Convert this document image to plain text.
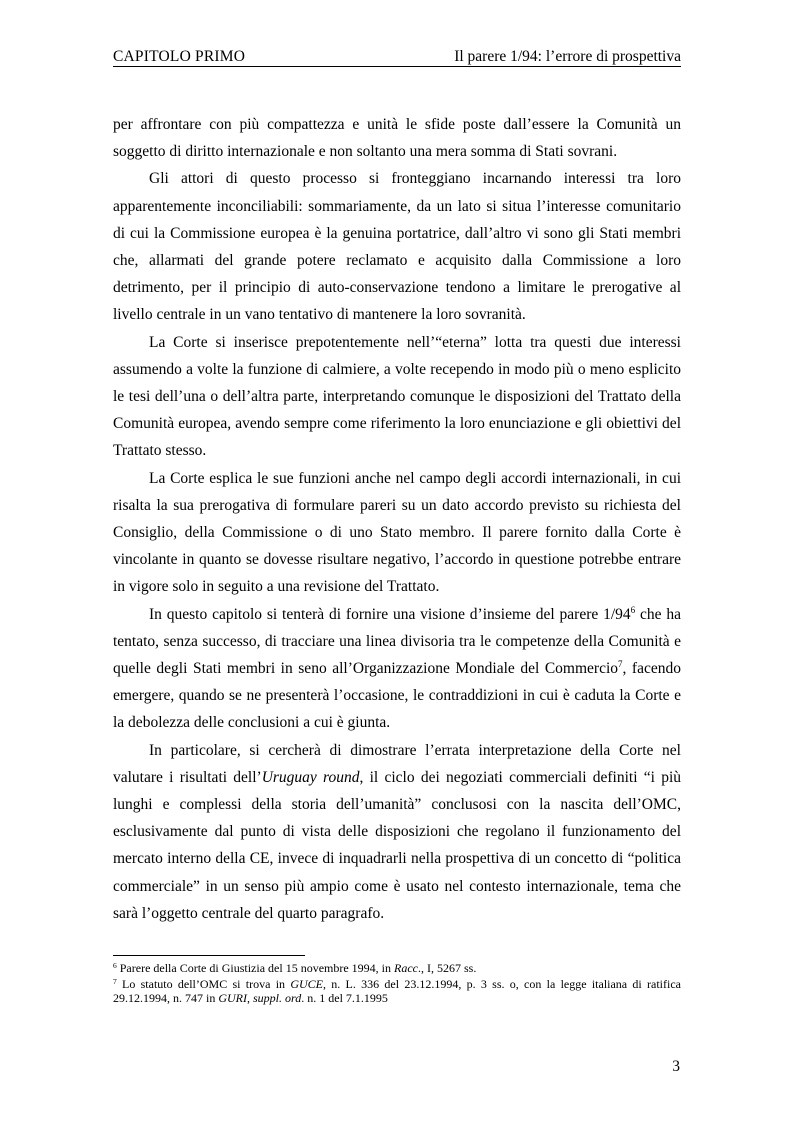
CAPITOLO PRIMO	Il parere 1/94: l’errore di prospettiva

per affrontare con più compattezza e unità le sfide poste dall’essere la Comunità un soggetto di diritto internazionale e non soltanto una mera somma di Stati sovrani.

Gli attori di questo processo si fronteggiano incarnando interessi tra loro apparentemente inconciliabili: sommariamente, da un lato si situa l’interesse comunitario di cui la Commissione europea è la genuina portatrice, dall’altro vi sono gli Stati membri che, allarmati del grande potere reclamato e acquisito dalla Commissione a loro detrimento, per il principio di auto-conservazione tendono a limitare le prerogative al livello centrale in un vano tentativo di mantenere la loro sovranità.

La Corte si inserisce prepotentemente nell’“eterna” lotta tra questi due interessi assumendo a volte la funzione di calmiere, a volte recependo in modo più o meno esplicito le tesi dell’una o dell’altra parte, interpretando comunque le disposizioni del Trattato della Comunità europea, avendo sempre come riferimento la loro enunciazione e gli obiettivi del Trattato stesso.

La Corte esplica le sue funzioni anche nel campo degli accordi internazionali, in cui risalta la sua prerogativa di formulare pareri su un dato accordo previsto su richiesta del Consiglio, della Commissione o di uno Stato membro. Il parere fornito dalla Corte è vincolante in quanto se dovesse risultare negativo, l’accordo in questione potrebbe entrare in vigore solo in seguito a una revisione del Trattato.

In questo capitolo si tenterà di fornire una visione d’insieme del parere $1/94^6$ che ha tentato, senza successo, di tracciare una linea divisoria tra le competenze della Comunità e quelle degli Stati membri in seno all’Organizzazione Mondiale del Commercio$^7$, facendo emergere, quando se ne presenterà l’occasione, le contraddizioni in cui è caduta la Corte e la debolezza delle conclusioni a cui è giunta.

In particolare, si cercherà di dimostrare l’errata interpretazione della Corte nel valutare i risultati dell’Uruguay round, il ciclo dei negoziati commerciali definiti “i più lunghi e complessi della storia dell’umanità” conclusosi con la nascita dell’OMC, esclusivamente dal punto di vista delle disposizioni che regolano il funzionamento del mercato interno della CE, invece di inquadrarli nella prospettiva di un concetto di “politica commerciale” in un senso più ampio come è usato nel contesto internazionale, tema che sarà l’oggetto centrale del quarto paragrafo.

$^6$ Parere della Corte di Giustizia del 15 novembre 1994, in Racc., I, 5267 ss.

$^7$ Lo statuto dell’OMC si trova in GUCE, n. L. 336 del 23.12.1994, p. 3 ss. o, con la legge italiana di ratifica 29.12.1994, n. 747 in GURI, suppl. ord. n. 1 del 7.1.1995

3
